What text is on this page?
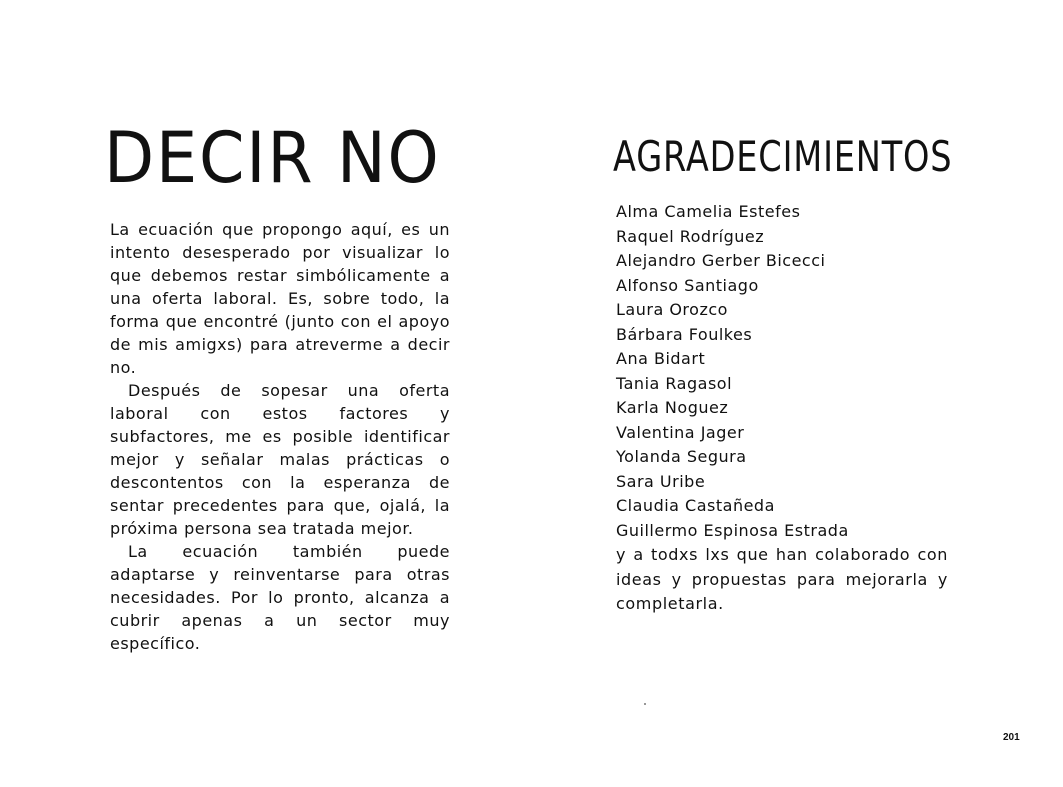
DECIR NO

La ecuación que propongo aquí, es un intento desesperado por visualizar lo que debemos restar simbólicamente a una oferta laboral. Es, sobre todo, la forma que encontré (junto con el apoyo de mis amigxs) para atreverme a decir no.

Después de sopesar una oferta laboral con estos factores y subfactores, me es posible identificar mejor y señalar malas prácticas o descontentos con la esperanza de sentar precedentes para que, ojalá, la próxima persona sea tratada mejor.

La ecuación también puede adaptarse y reinventarse para otras necesidades. Por lo pronto, alcanza a cubrir apenas a un sector muy específico.

AGRADECIMIENTOS

Alma Camelia Estefes

Raquel Rodríguez

Alejandro Gerber Bicecci

Alfonso Santiago

Laura Orozco

Bárbara Foulkes

Ana Bidart

Tania Ragasol

Karla Noguez

Valentina Jager

Yolanda Segura

Sara Uribe

Claudia Castañeda

Guillermo Espinosa Estrada

y a todxs lxs que han colaborado con ideas y propuestas para mejorarla y completarla.

201
